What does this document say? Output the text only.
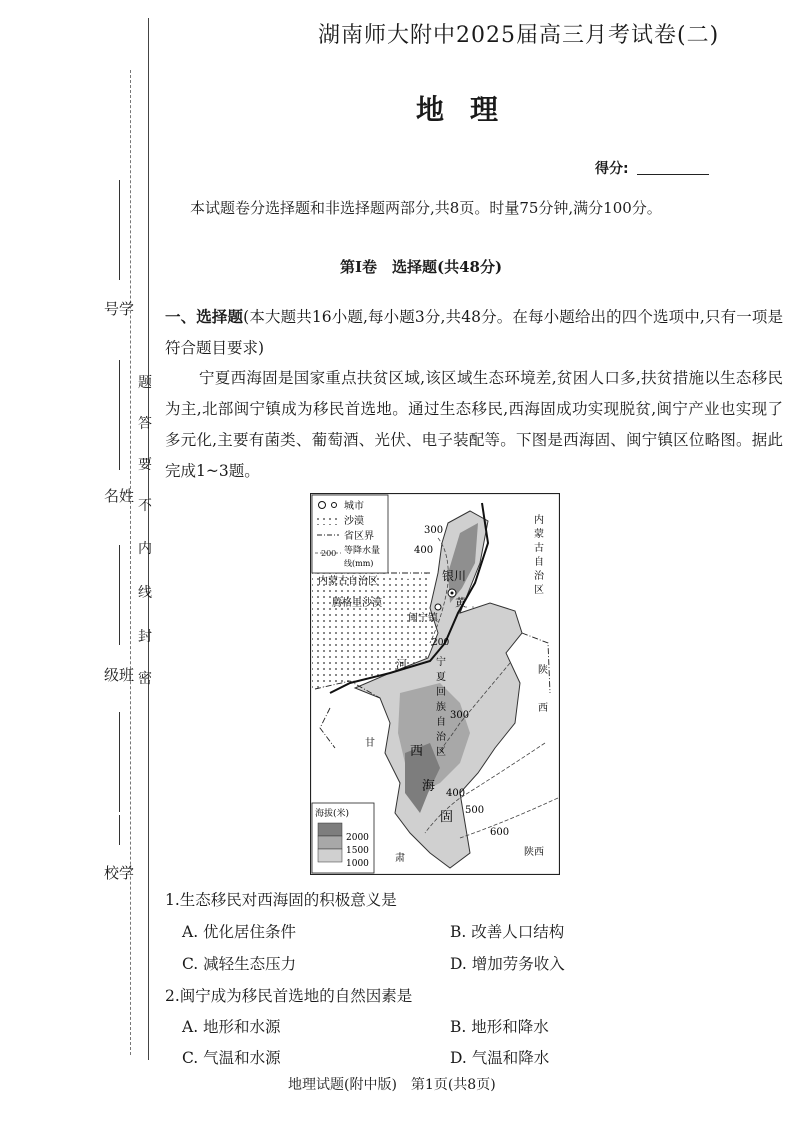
学号
姓名
班级
学校
题
答
要
不
内
线
封
密
湖南师大附中2025届高三月考试卷(二)
地理
得分:
本试题卷分选择题和非选择题两部分,共8页。时量75分钟,满分100分。
第Ⅰ卷　选择题(共48分)
一、选择题(本大题共16小题,每小题3分,共48分。在每小题给出的四个选项中,只有一项是符合题目要求)
宁夏西海固是国家重点扶贫区域,该区域生态环境差,贫困人口多,扶贫措施以生态移民为主,北部闽宁镇成为移民首选地。通过生态移民,西海固成功实现脱贫,闽宁产业也实现了多元化,主要有菌类、葡萄酒、光伏、电子装配等。下图是西海固、闽宁镇区位略图。据此完成1~3题。
城市
沙漠
省区界
200 等降水量
线(mm)
内
蒙
古
自
治
区
内蒙古自治区
腾格里沙漠
银川
黄
闽宁镇
河	宁
夏
回
族
自
治
区
陕
西
陕西
甘
肃
西
海
固
300
400
200
300
400
500
600
海拔(米)
2000
1500
1000
1.生态移民对西海固的积极意义是
A. 优化居住条件	B. 改善人口结构
C. 减轻生态压力	D. 增加劳务收入
2.闽宁成为移民首选地的自然因素是
A. 地形和水源	B. 地形和降水
C. 气温和水源	D. 气温和降水
地理试题(附中版)　第1页(共8页)
